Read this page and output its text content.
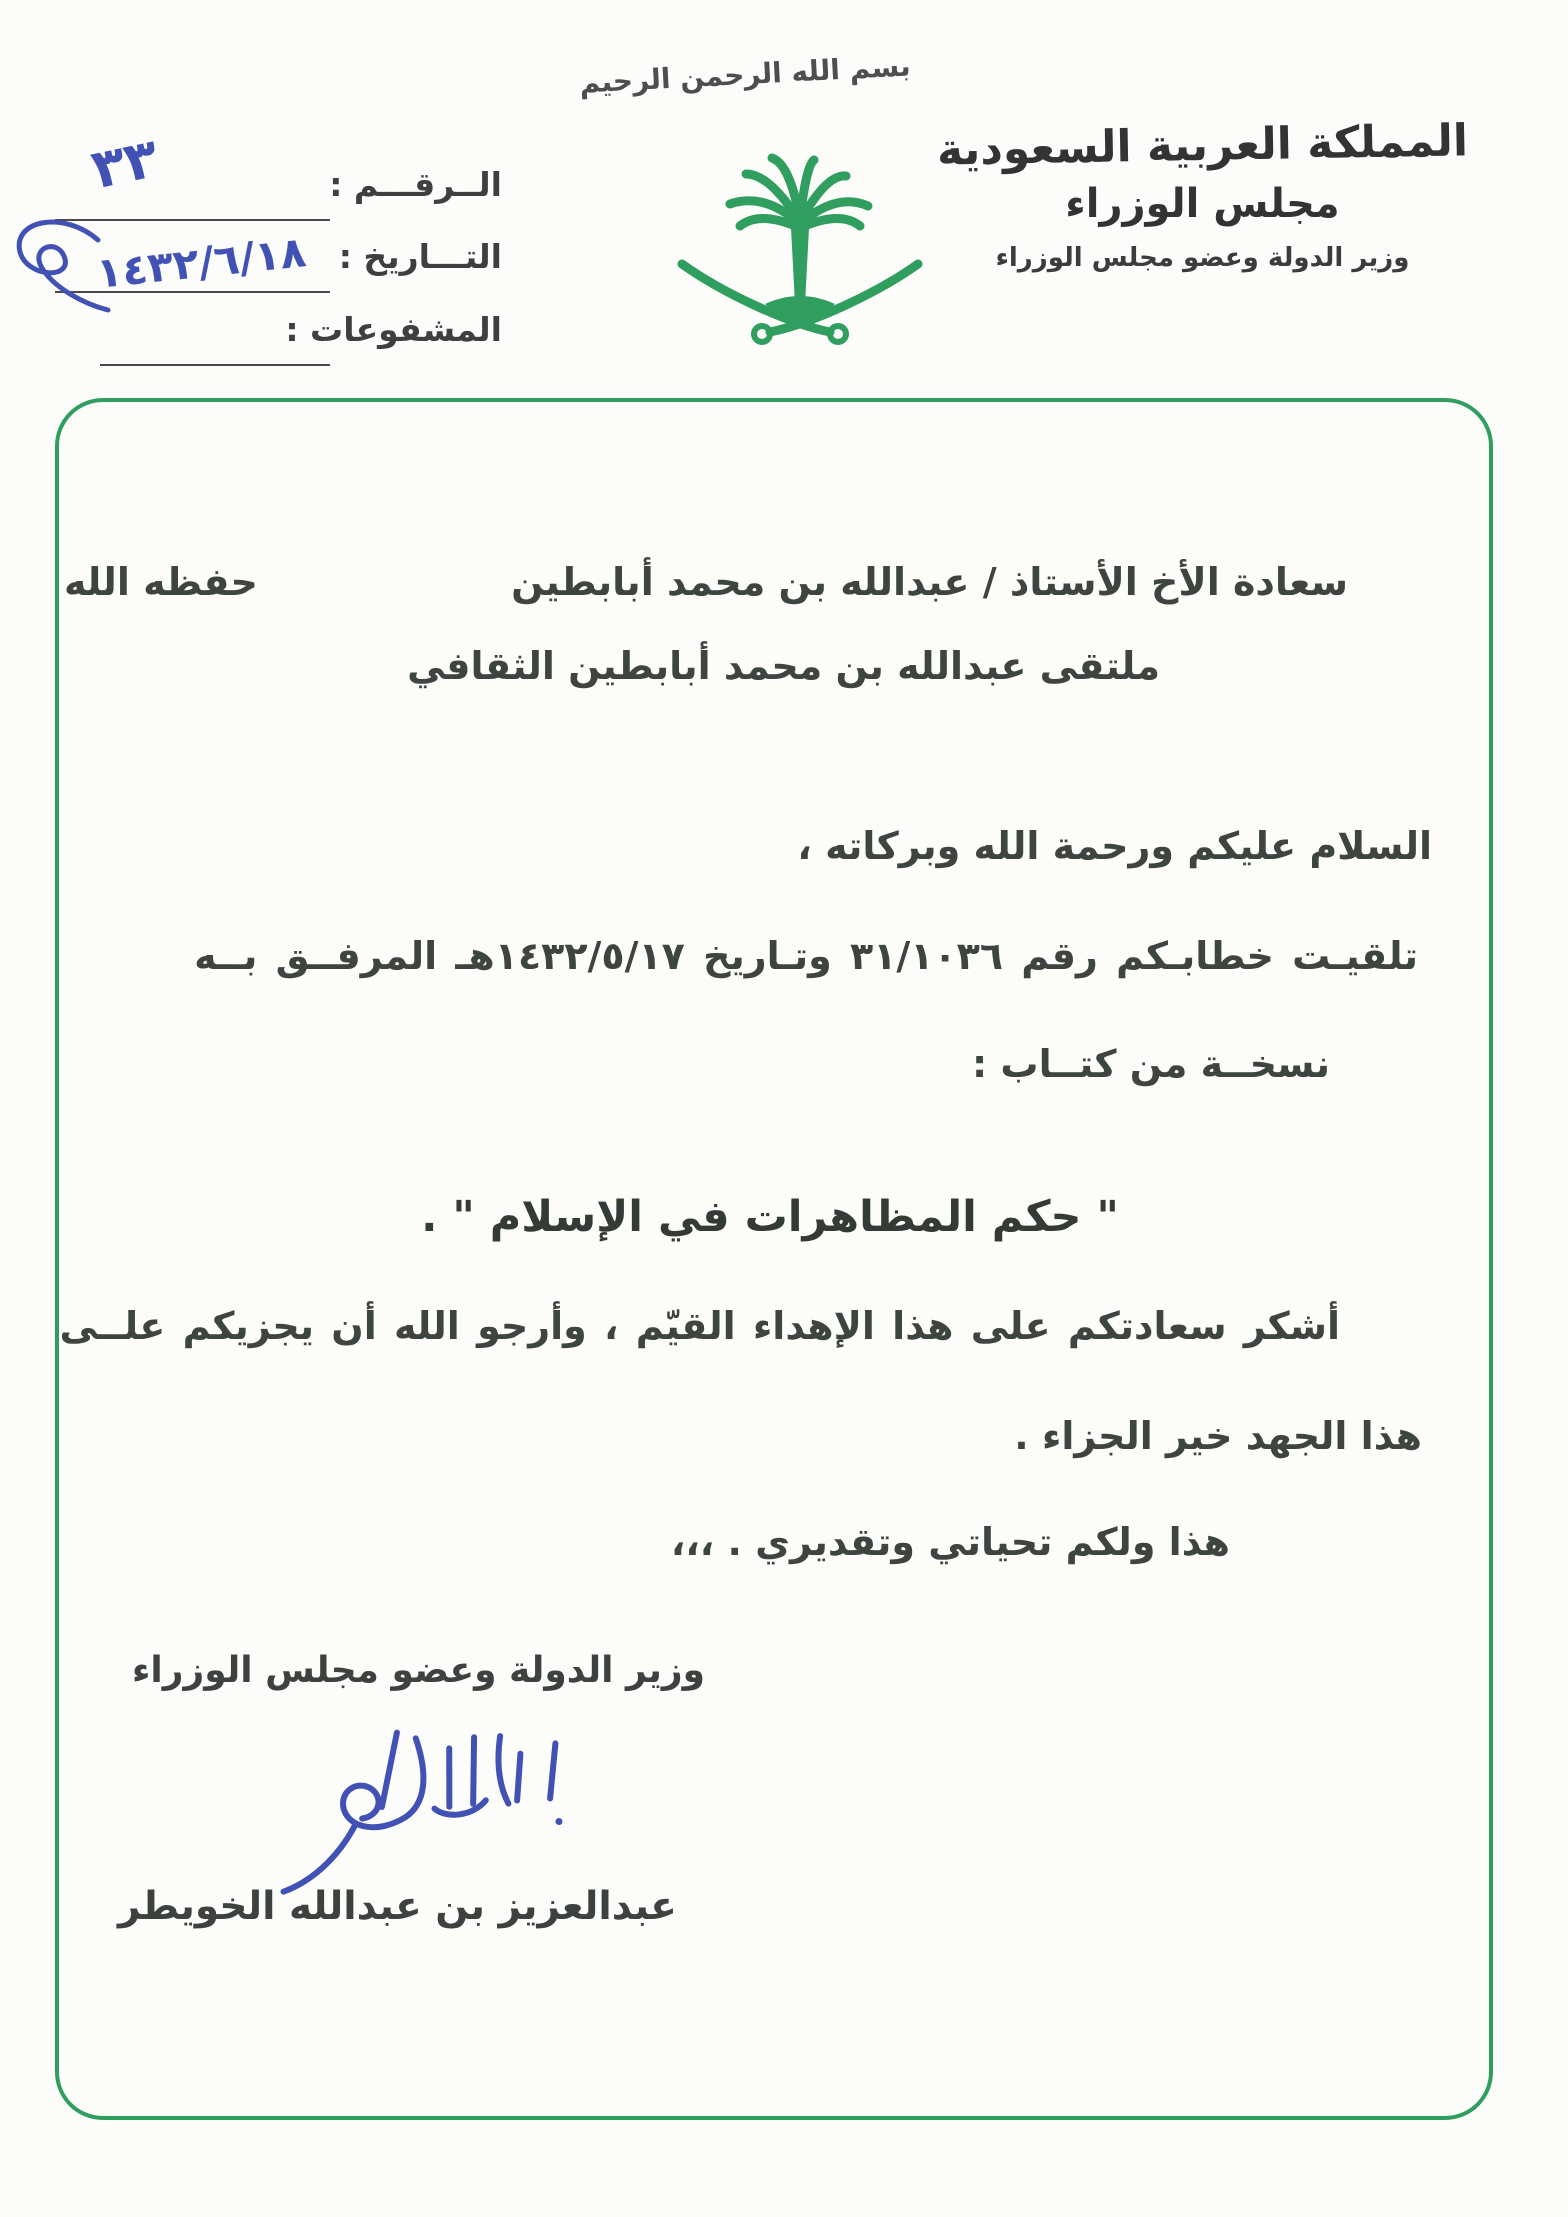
بسم الله الرحمن الرحيم
المملكة العربية السعودية
مجلس الوزراء
وزير الدولة وعضو مجلس الوزراء
الــرقـــم :
٣٣
التـــاريخ :
١٤٣٢/٦/١٨
المشفوعات :
سعادة الأخ الأستاذ / عبدالله بن محمد أبابطين
حفظه الله
ملتقى عبدالله بن محمد أبابطين الثقافي
السلام عليكم ورحمة الله وبركاته ،
تلقيـت خطابـكم رقم ٣١/١٠٣٦ وتـاريخ ١٤٣٢/٥/١٧هـ المرفــق بــه
نسخــة من كتــاب :
" حكم المظاهرات في الإسلام " .
أشكر سعادتكم على هذا الإهداء القيّم ، وأرجو الله أن يجزيكم علــى
هذا الجهد خير الجزاء .
هذا ولكم تحياتي وتقديري . ،،،
وزير الدولة وعضو مجلس الوزراء
عبدالعزيز بن عبدالله الخويطر
